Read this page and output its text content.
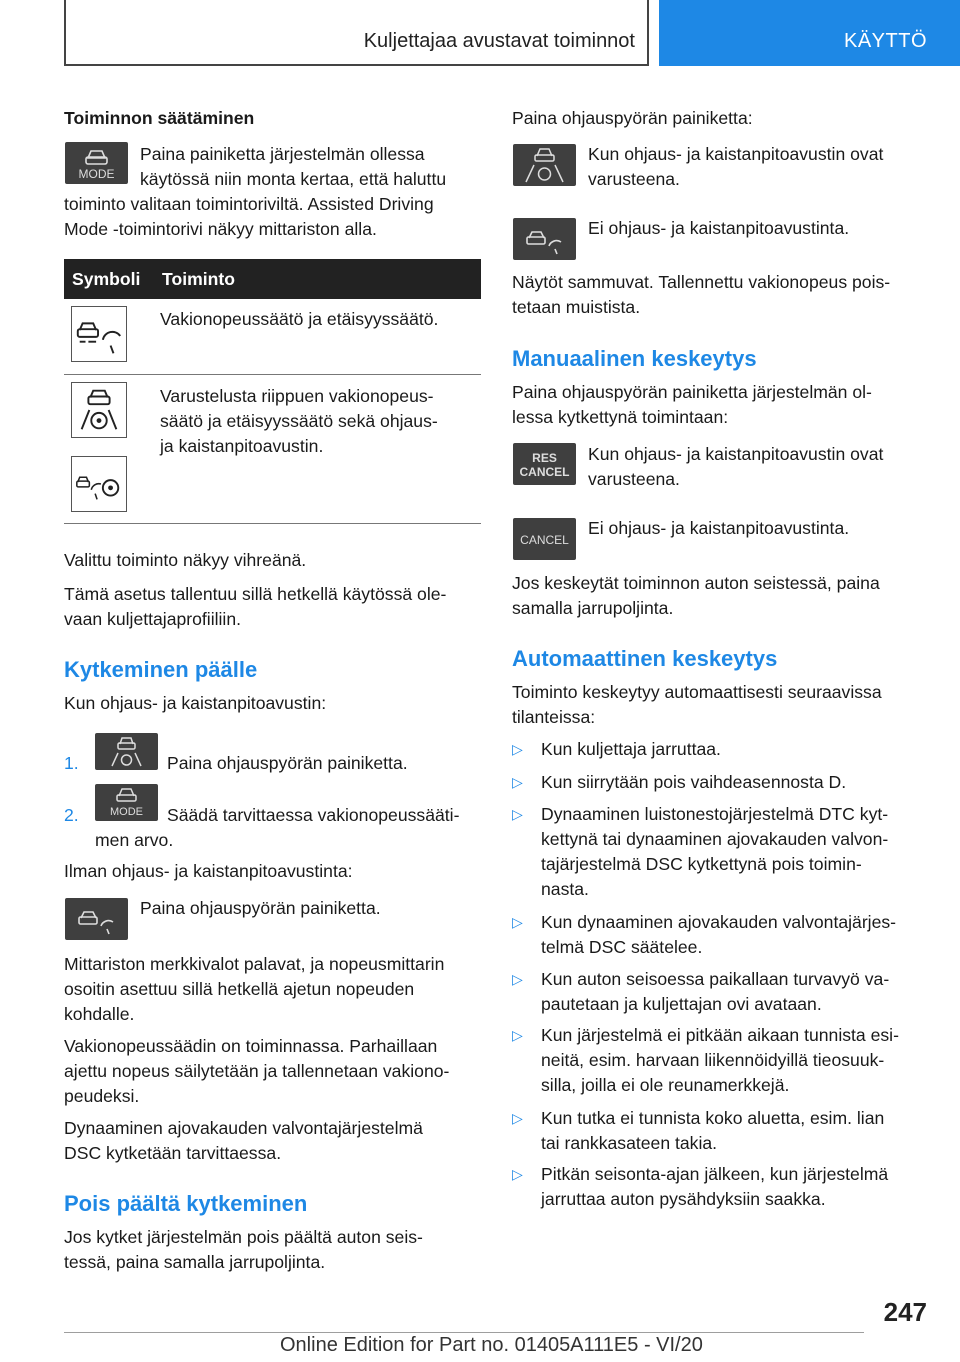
Kuljettajaa avustavat toiminnot	KÄYTTÖ
Toiminnon säätäminen
MODE

Paina painiketta järjestelmän ollessa

käytössä niin monta kertaa, että haluttu

toiminto valitaan toimintoriviltä. Assisted Driving

Mode -toimintorivi näkyy mittariston alla.

Symboli Toiminto
Vakionopeussäätö ja etäisyyssäätö.

Varustelusta riippuen vakionopeus-

säätö ja etäisyyssäätö sekä ohjaus-

ja kaistanpitoavustin.

Valittu toiminto näkyy vihreänä.

Tämä asetus tallentuu sillä hetkellä käytössä ole-

vaan kuljettajaprofiiliin.

Kytkeminen päälle
Kun ohjaus- ja kaistanpitoavustin:
1.	Paina ohjauspyörän painiketta.
2.	MODE Säädä tarvittaessa vakionopeussääti-
men arvo.
Ilman ohjaus- ja kaistanpitoavustinta:
Paina ohjauspyörän painiketta.

Mittariston merkkivalot palavat, ja nopeusmittarin

osoitin asettuu sillä hetkellä ajetun nopeuden

kohdalle.

Vakionopeussäädin on toiminnassa. Parhaillaan

ajettu nopeus säilytetään ja tallennetaan vakiono-

peudeksi.

Dynaaminen ajovakauden valvontajärjestelmä

DSC kytketään tarvittaessa.

Pois päältä kytkeminen

Jos kytket järjestelmän pois päältä auton seis-

tessä, paina samalla jarrupoljinta.

Paina ohjauspyörän painiketta:

Kun ohjaus- ja kaistanpitoavustin ovat

varusteena.

Ei ohjaus- ja kaistanpitoavustinta.

Näytöt sammuvat. Tallennettu vakionopeus pois-

tetaan muistista.

Manuaalinen keskeytys

Paina ohjauspyörän painiketta järjestelmän ol-

lessa kytkettynä toimintaan:

RES
CANCEL

Kun ohjaus- ja kaistanpitoavustin ovat

varusteena.

CANCEL
Ei ohjaus- ja kaistanpitoavustinta.

Jos keskeytät toiminnon auton seistessä, paina

samalla jarrupoljinta.

Automaattinen keskeytys

Toiminto keskeytyy automaattisesti seuraavissa

tilanteissa:

▷ Kun kuljettaja jarruttaa.
▷ Kun siirrytään pois vaihdeasennosta D.
▷ Dynaaminen luistonestojärjestelmä DTC kyt-

kettynä tai dynaaminen ajovakauden valvon-

tajärjestelmä DSC kytkettynä pois toimin-

nasta.

▷ Kun dynaaminen ajovakauden valvontajärjes-

telmä DSC säätelee.

▷ Kun auton seisoessa paikallaan turvavyö va-

pautetaan ja kuljettajan ovi avataan.

▷ Kun järjestelmä ei pitkään aikaan tunnista esi-

neitä, esim. harvaan liikennöidyillä tieosuuk-

silla, joilla ei ole reunamerkkejä.

▷ Kun tutka ei tunnista koko aluetta, esim. lian

tai rankkasateen takia.

▷ Pitkän seisonta-ajan jälkeen, kun järjestelmä

jarruttaa auton pysähdyksiin saakka.

247
Online Edition for Part no. 01405A111E5 - VI/20
